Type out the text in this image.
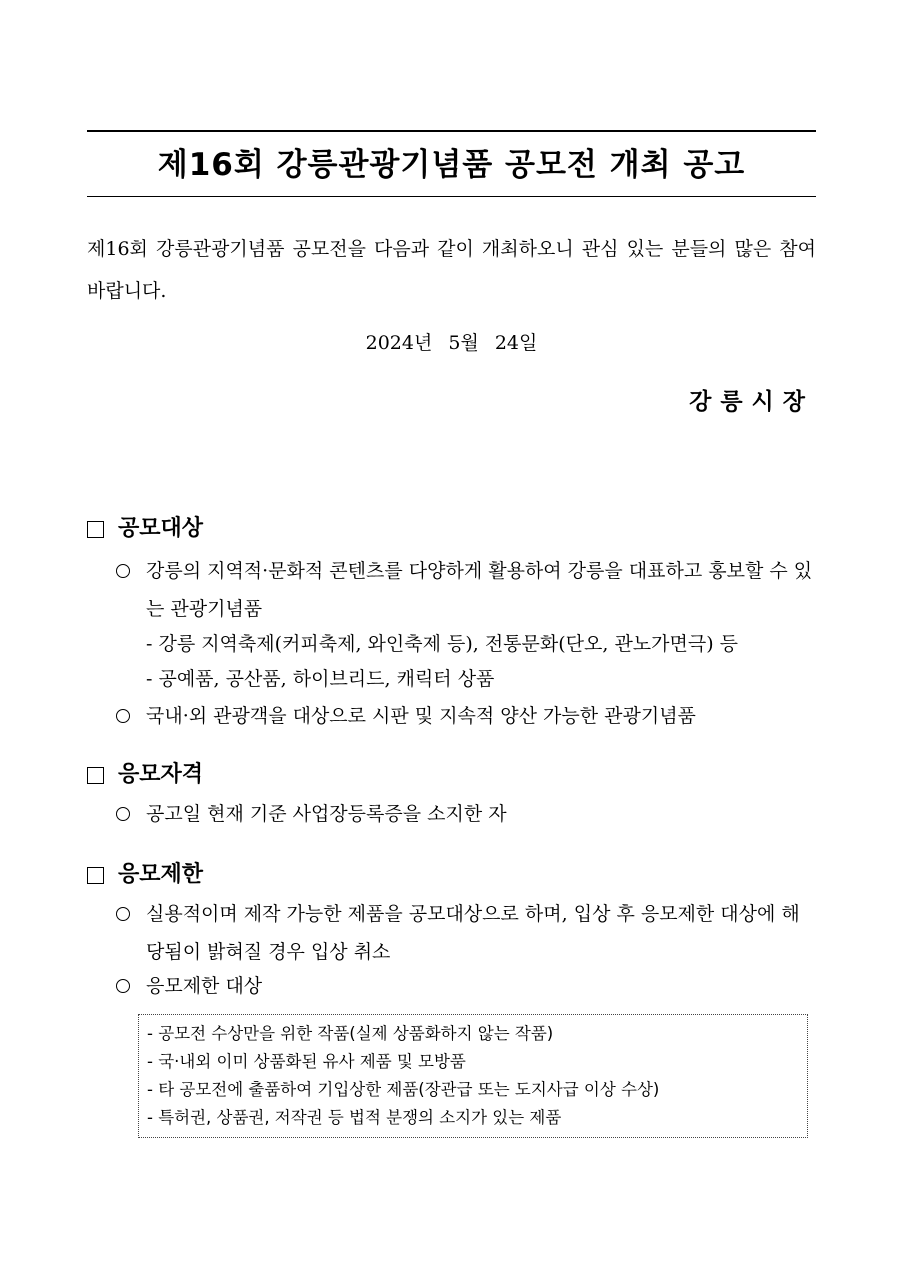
제16회 강릉관광기념품 공모전 개최 공고
제16회 강릉관광기념품 공모전을 다음과 같이 개최하오니 관심 있는 분들의 많은 참여 바랍니다.
2024년 5월 24일
강릉시장
공모대상
강릉의 지역적·문화적 콘텐츠를 다양하게 활용하여 강릉을 대표하고 홍보할 수 있는 관광기념품
- 강릉 지역축제(커피축제, 와인축제 등), 전통문화(단오, 관노가면극) 등
- 공예품, 공산품, 하이브리드, 캐릭터 상품
국내·외 관광객을 대상으로 시판 및 지속적 양산 가능한 관광기념품
응모자격
공고일 현재 기준 사업장등록증을 소지한 자
응모제한
실용적이며 제작 가능한 제품을 공모대상으로 하며, 입상 후 응모제한 대상에 해당됨이 밝혀질 경우 입상 취소
응모제한 대상
- 공모전 수상만을 위한 작품(실제 상품화하지 않는 작품)
- 국·내외 이미 상품화된 유사 제품 및 모방품
- 타 공모전에 출품하여 기입상한 제품(장관급 또는 도지사급 이상 수상)
- 특허권, 상품권, 저작권 등 법적 분쟁의 소지가 있는 제품
